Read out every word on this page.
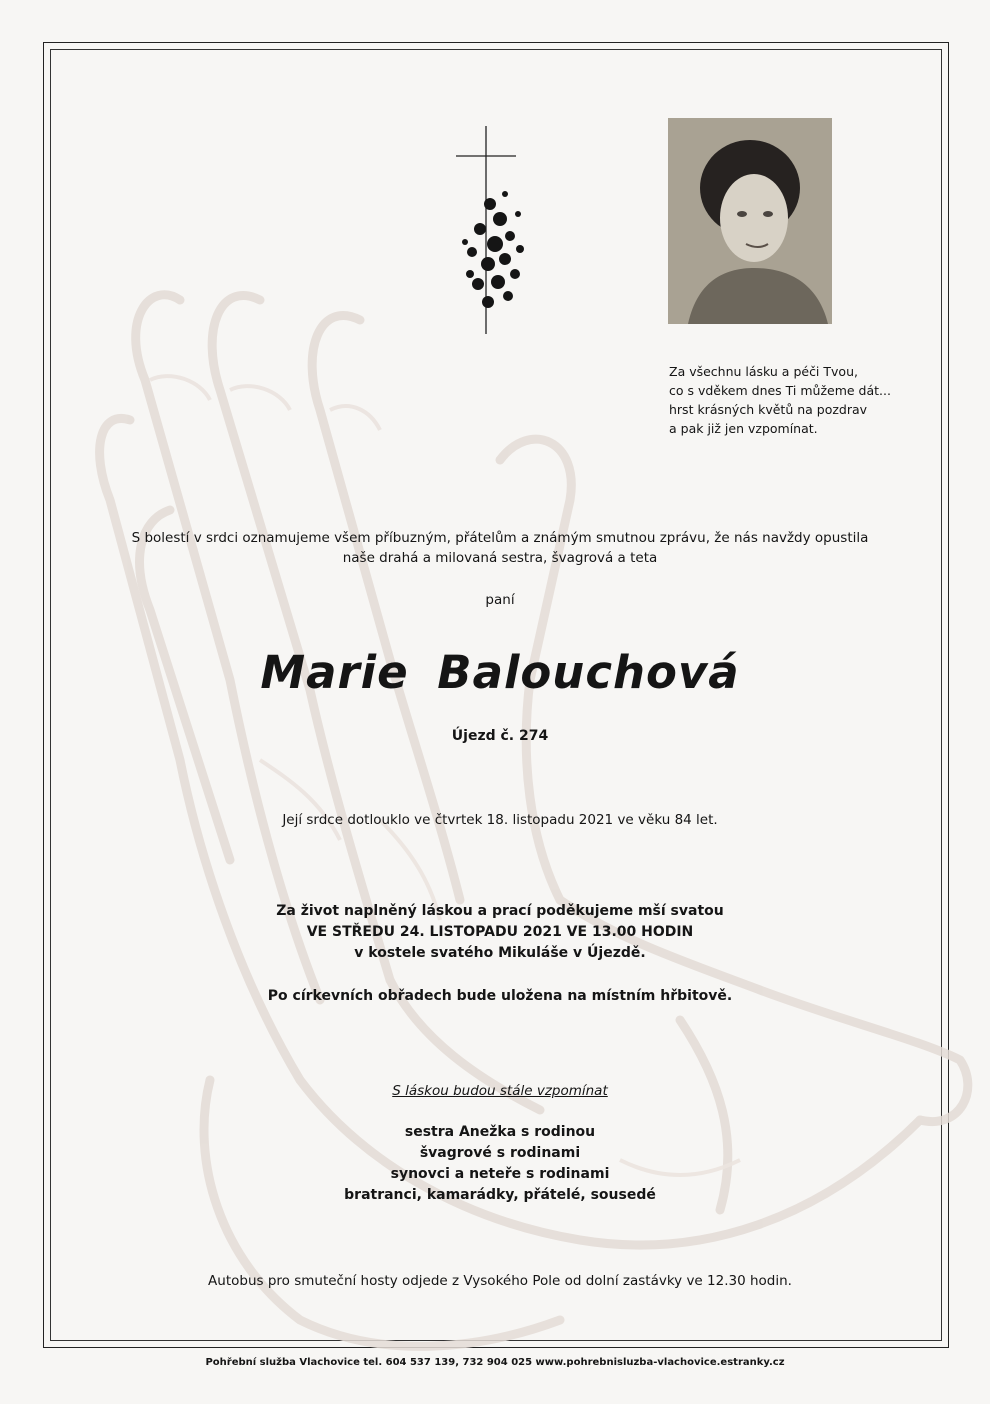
Za všechnu lásku a péči Tvou,
co s vděkem dnes Ti můžeme dát...
hrst krásných květů na pozdrav
a pak již jen vzpomínat.
S bolestí v srdci oznamujeme všem příbuzným, přátelům a známým smutnou zprávu, že nás navždy opustila
naše drahá a milovaná sestra, švagrová a teta
paní
Marie Balouchová
Újezd č. 274
Její srdce dotlouklo ve čtvrtek 18. listopadu 2021 ve věku 84 let.
Za život naplněný láskou a prací poděkujeme mší svatou
VE STŘEDU 24. LISTOPADU 2021 VE 13.00 HODIN
v kostele svatého Mikuláše v Újezdě.
Po církevních obřadech bude uložena na místním hřbitově.
S láskou budou stále vzpomínat
sestra Anežka s rodinou
švagrové s rodinami
synovci a neteře s rodinami
bratranci, kamarádky, přátelé, sousedé
Autobus pro smuteční hosty odjede z Vysokého Pole od dolní zastávky ve 12.30 hodin.
Pohřební služba Vlachovice tel. 604 537 139, 732 904 025 www.pohrebnisluzba-vlachovice.estranky.cz
